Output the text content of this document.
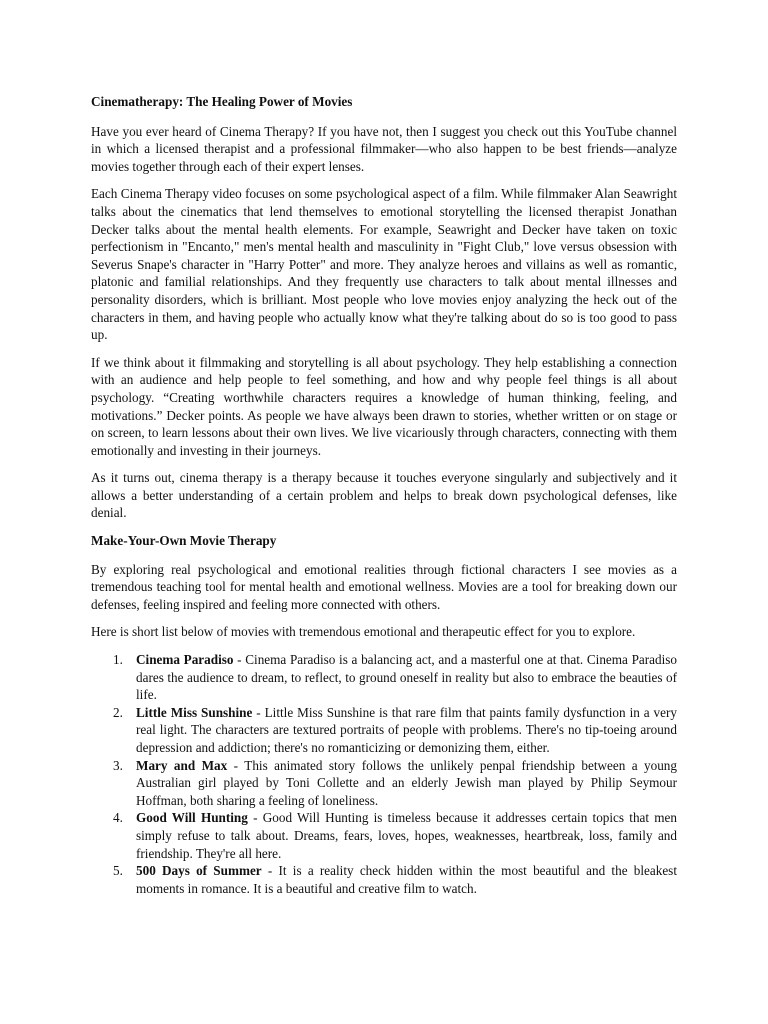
Cinematherapy: The Healing Power of Movies

Have you ever heard of Cinema Therapy? If you have not, then I suggest you check out this YouTube channel in which a licensed therapist and a professional filmmaker—who also happen to be best friends—analyze movies together through each of their expert lenses.

Each Cinema Therapy video focuses on some psychological aspect of a film. While filmmaker Alan Seawright talks about the cinematics that lend themselves to emotional storytelling the licensed therapist Jonathan Decker talks about the mental health elements. For example, Seawright and Decker have taken on toxic perfectionism in "Encanto," men's mental health and masculinity in "Fight Club," love versus obsession with Severus Snape's character in "Harry Potter" and more. They analyze heroes and villains as well as romantic, platonic and familial relationships. And they frequently use characters to talk about mental illnesses and personality disorders, which is brilliant. Most people who love movies enjoy analyzing the heck out of the characters in them, and having people who actually know what they're talking about do so is too good to pass up.

If we think about it filmmaking and storytelling is all about psychology. They help establishing a connection with an audience and help people to feel something, and how and why people feel things is all about psychology. “Creating worthwhile characters requires a knowledge of human thinking, feeling, and motivations.” Decker points. As people we have always been drawn to stories, whether written or on stage or on screen, to learn lessons about their own lives. We live vicariously through characters, connecting with them emotionally and investing in their journeys.

As it turns out, cinema therapy is a therapy because it touches everyone singularly and subjectively and it allows a better understanding of a certain problem and helps to break down psychological defenses, like denial.

Make-Your-Own Movie Therapy

By exploring real psychological and emotional realities through fictional characters I see movies as a tremendous teaching tool for mental health and emotional wellness. Movies are a tool for breaking down our defenses, feeling inspired and feeling more connected with others.

Here is short list below of movies with tremendous emotional and therapeutic effect for you to explore.

1. Cinema Paradiso - Cinema Paradiso is a balancing act, and a masterful one at that. Cinema Paradiso dares the audience to dream, to reflect, to ground oneself in reality but also to embrace the beauties of life.
2. Little Miss Sunshine - Little Miss Sunshine is that rare film that paints family dysfunction in a very real light. The characters are textured portraits of people with problems. There's no tip-toeing around depression and addiction; there's no romanticizing or demonizing them, either.
3. Mary and Max - This animated story follows the unlikely penpal friendship between a young Australian girl played by Toni Collette and an elderly Jewish man played by Philip Seymour Hoffman, both sharing a feeling of loneliness.
4. Good Will Hunting - Good Will Hunting is timeless because it addresses certain topics that men simply refuse to talk about. Dreams, fears, loves, hopes, weaknesses, heartbreak, loss, family and friendship. They're all here.
5. 500 Days of Summer - It is a reality check hidden within the most beautiful and the bleakest moments in romance. It is a beautiful and creative film to watch.
